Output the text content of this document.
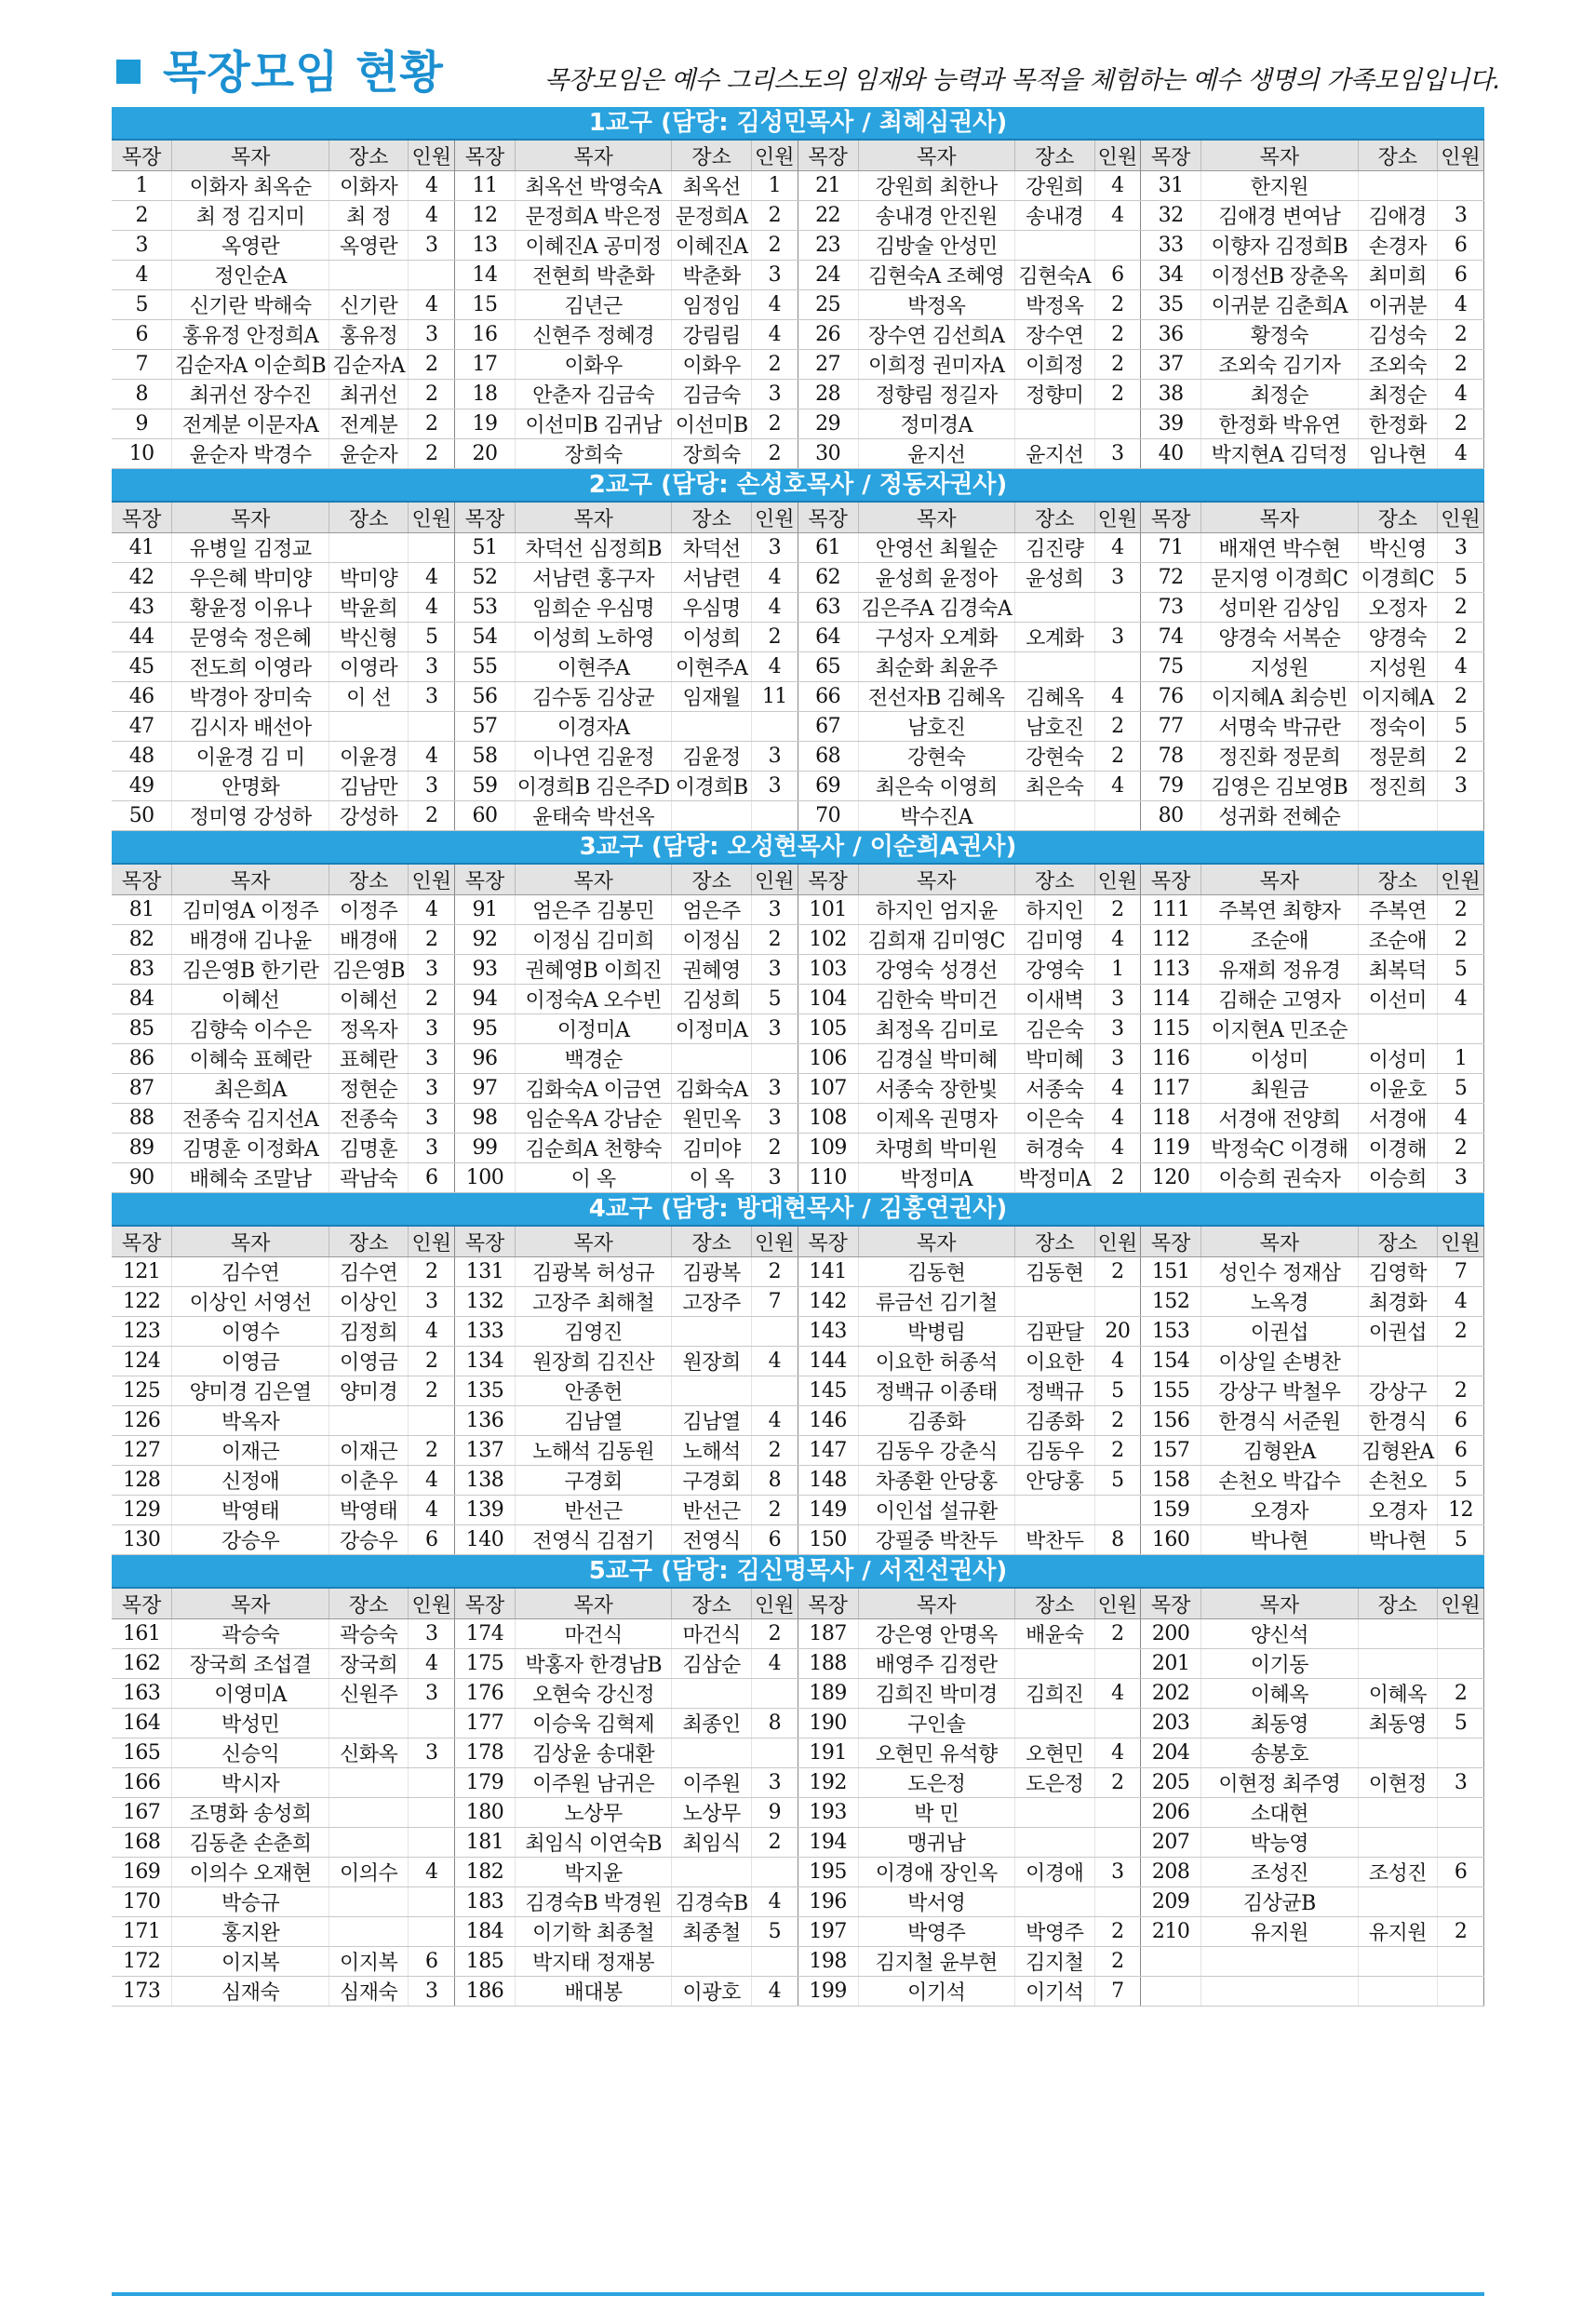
목장모임 현황	목장모임은 예수 그리스도의 임재와 능력과 목적을 체험하는 예수 생명의 가족모임입니다.
1교구 (담당: 김성민목사 / 최혜심권사)
목장	목자	장소	인원	목장	목자	장소	인원	목장	목자	장소	인원	목장	목자	장소	인원
1	이화자 최옥순	이화자	4	11	최옥선 박영숙A	최옥선	1	21	강원희 최한나	강원희	4	31	한지원		
2	최 정 김지미	최 정	4	12	문정희A 박은정	문정희A	2	22	송내경 안진원	송내경	4	32	김애경 변여남	김애경	3
3	옥영란	옥영란	3	13	이혜진A 공미정	이혜진A	2	23	김방술 안성민			33	이향자 김정희B	손경자	6
4	정인순A			14	전현희 박춘화	박춘화	3	24	김현숙A 조혜영	김현숙A	6	34	이정선B 장춘옥	최미희	6
5	신기란 박해숙	신기란	4	15	김년근	임정임	4	25	박정옥	박정옥	2	35	이귀분 김춘희A	이귀분	4
6	홍유정 안정희A	홍유정	3	16	신현주 정혜경	강림림	4	26	장수연 김선희A	장수연	2	36	황정숙	김성숙	2
7	김순자A 이순희B	김순자A	2	17	이화우	이화우	2	27	이희정 권미자A	이희정	2	37	조외숙 김기자	조외숙	2
8	최귀선 장수진	최귀선	2	18	안춘자 김금숙	김금숙	3	28	정향림 정길자	정향미	2	38	최정순	최정순	4
9	전계분 이문자A	전계분	2	19	이선미B 김귀남	이선미B	2	29	정미경A			39	한정화 박유연	한정화	2
10	윤순자 박경수	윤순자	2	20	장희숙	장희숙	2	30	윤지선	윤지선	3	40	박지현A 김덕정	임나현	4
2교구 (담당: 손성호목사 / 정동자권사)
목장	목자	장소	인원	목장	목자	장소	인원	목장	목자	장소	인원	목장	목자	장소	인원
41	유병일 김정교			51	차덕선 심정희B	차덕선	3	61	안영선 최월순	김진량	4	71	배재연 박수현	박신영	3
42	우은혜 박미양	박미양	4	52	서남련 홍구자	서남련	4	62	윤성희 윤정아	윤성희	3	72	문지영 이경희C	이경희C	5
43	황윤정 이유나	박윤희	4	53	임희순 우심명	우심명	4	63	김은주A 김경숙A			73	성미완 김상임	오정자	2
44	문영숙 정은혜	박신형	5	54	이성희 노하영	이성희	2	64	구성자 오계화	오계화	3	74	양경숙 서복순	양경숙	2
45	전도희 이영라	이영라	3	55	이현주A	이현주A	4	65	최순화 최윤주			75	지성원	지성원	4
46	박경아 장미숙	이 선	3	56	김수동 김상균	임재월	11	66	전선자B 김혜옥	김혜옥	4	76	이지혜A 최승빈	이지혜A	2
47	김시자 배선아			57	이경자A			67	남호진	남호진	2	77	서명숙 박규란	정숙이	5
48	이윤경 김 미	이윤경	4	58	이나연 김윤정	김윤정	3	68	강현숙	강현숙	2	78	정진화 정문희	정문희	2
49	안명화	김남만	3	59	이경희B 김은주D	이경희B	3	69	최은숙 이영희	최은숙	4	79	김영은 김보영B	정진희	3
50	정미영 강성하	강성하	2	60	윤태숙 박선옥			70	박수진A			80	성귀화 전혜순		
3교구 (담당: 오성현목사 / 이순희A권사)
목장	목자	장소	인원	목장	목자	장소	인원	목장	목자	장소	인원	목장	목자	장소	인원
81	김미영A 이정주	이정주	4	91	엄은주 김봉민	엄은주	3	101	하지인 엄지윤	하지인	2	111	주복연 최향자	주복연	2
82	배경애 김나윤	배경애	2	92	이정심 김미희	이정심	2	102	김희재 김미영C	김미영	4	112	조순애	조순애	2
83	김은영B 한기란	김은영B	3	93	권혜영B 이희진	권혜영	3	103	강영숙 성경선	강영숙	1	113	유재희 정유경	최복덕	5
84	이혜선	이혜선	2	94	이정숙A 오수빈	김성희	5	104	김한숙 박미건	이새벽	3	114	김해순 고영자	이선미	4
85	김향숙 이수은	정옥자	3	95	이정미A	이정미A	3	105	최정옥 김미로	김은숙	3	115	이지현A 민조순		
86	이혜숙 표혜란	표혜란	3	96	백경순			106	김경실 박미혜	박미혜	3	116	이성미	이성미	1
87	최은희A	정현순	3	97	김화숙A 이금연	김화숙A	3	107	서종숙 장한빛	서종숙	4	117	최원금	이윤호	5
88	전종숙 김지선A	전종숙	3	98	임순옥A 강남순	원민옥	3	108	이제옥 권명자	이은숙	4	118	서경애 전양희	서경애	4
89	김명훈 이정화A	김명훈	3	99	김순희A 천향숙	김미야	2	109	차명희 박미원	허경숙	4	119	박정숙C 이경해	이경해	2
90	배혜숙 조말남	곽남숙	6	100	이 옥	이 옥	3	110	박정미A	박정미A	2	120	이승희 권숙자	이승희	3
4교구 (담당: 방대현목사 / 김홍연권사)
목장	목자	장소	인원	목장	목자	장소	인원	목장	목자	장소	인원	목장	목자	장소	인원
121	김수연	김수연	2	131	김광복 허성규	김광복	2	141	김동현	김동현	2	151	성인수 정재삼	김영학	7
122	이상인 서영선	이상인	3	132	고장주 최해철	고장주	7	142	류금선 김기철			152	노옥경	최경화	4
123	이영수	김정희	4	133	김영진			143	박병림	김판달	20	153	이권섭	이권섭	2
124	이영금	이영금	2	134	원장희 김진산	원장희	4	144	이요한 허종석	이요한	4	154	이상일 손병찬		
125	양미경 김은열	양미경	2	135	안종헌			145	정백규 이종태	정백규	5	155	강상구 박철우	강상구	2
126	박옥자			136	김남열	김남열	4	146	김종화	김종화	2	156	한경식 서준원	한경식	6
127	이재근	이재근	2	137	노해석 김동원	노해석	2	147	김동우 강춘식	김동우	2	157	김형완A	김형완A	6
128	신정애	이춘우	4	138	구경회	구경회	8	148	차종환 안당홍	안당홍	5	158	손천오 박갑수	손천오	5
129	박영태	박영태	4	139	반선근	반선근	2	149	이인섭 설규환			159	오경자	오경자	12
130	강승우	강승우	6	140	전영식 김점기	전영식	6	150	강필중 박찬두	박찬두	8	160	박나현	박나현	5
5교구 (담당: 김신명목사 / 서진선권사)
목장	목자	장소	인원	목장	목자	장소	인원	목장	목자	장소	인원	목장	목자	장소	인원
161	곽승숙	곽승숙	3	174	마건식	마건식	2	187	강은영 안명옥	배윤숙	2	200	양신석		
162	장국희 조섭결	장국희	4	175	박홍자 한경남B	김삼순	4	188	배영주 김정란			201	이기동		
163	이영미A	신원주	3	176	오현숙 강신정			189	김희진 박미경	김희진	4	202	이혜옥	이혜옥	2
164	박성민			177	이승욱 김혁제	최종인	8	190	구인솔			203	최동영	최동영	5
165	신승익	신화옥	3	178	김상윤 송대환			191	오현민 유석향	오현민	4	204	송봉호		
166	박시자			179	이주원 남귀은	이주원	3	192	도은정	도은정	2	205	이현정 최주영	이현정	3
167	조명화 송성희			180	노상무	노상무	9	193	박 민			206	소대현		
168	김동춘 손춘희			181	최임식 이연숙B	최임식	2	194	맹귀남			207	박능영		
169	이의수 오재현	이의수	4	182	박지윤			195	이경애 장인옥	이경애	3	208	조성진	조성진	6
170	박승규			183	김경숙B 박경원	김경숙B	4	196	박서영			209	김상균B		
171	홍지완			184	이기학 최종철	최종철	5	197	박영주	박영주	2	210	유지원	유지원	2
172	이지복	이지복	6	185	박지태 정재봉			198	김지철 윤부현	김지철	2				
173	심재숙	심재숙	3	186	배대봉	이광호	4	199	이기석	이기석	7				
